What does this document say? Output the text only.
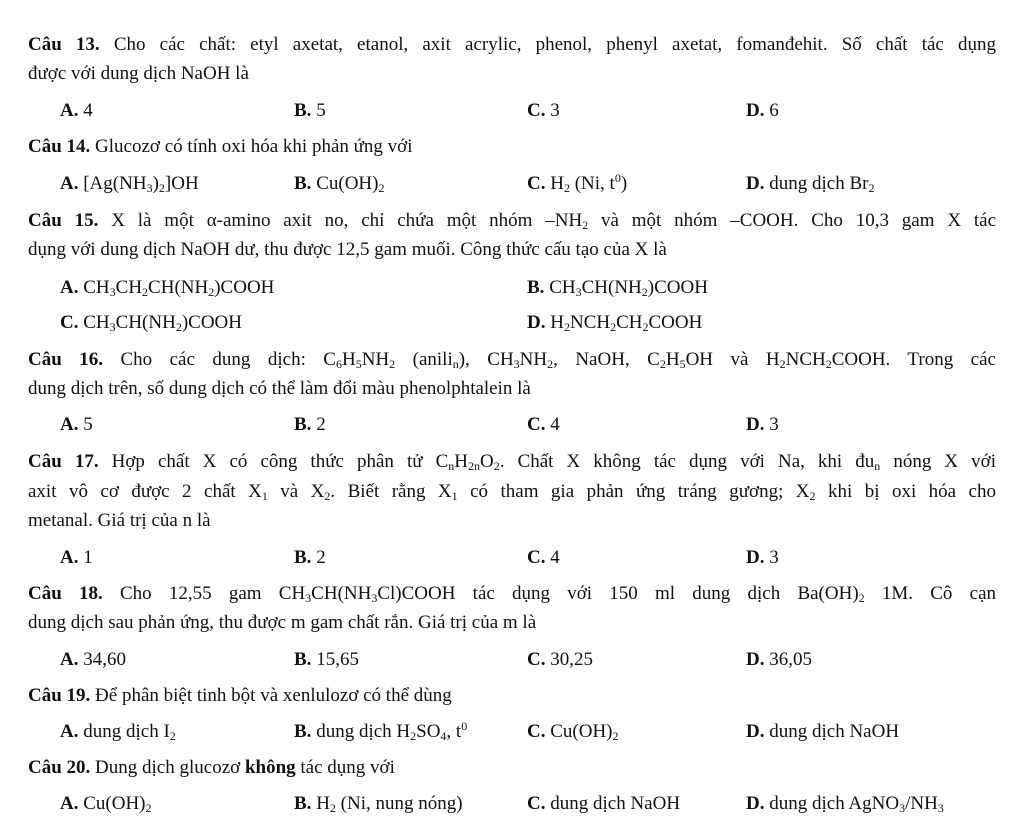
Câu 13. Cho các chất: etyl axetat, etanol, axit acrylic, phenol, phenyl axetat, fomanđehit. Số chất tác dụng
được với dung dịch NaOH là
A. 4	B. 5	C. 3	D. 6
Câu 14. Glucozơ có tính oxi hóa khi phản ứng với
A. $[Ag(NH_3)_2]OH$	B. $Cu(OH)_2$	C. $H_2$ (Ni, $t^0$)	D. dung dịch $Br_2$
Câu 15. X là một α-amino axit no, chỉ chứa một nhóm $-NH_2$ và một nhóm –COOH. Cho 10,3 gam X tác
dụng với dung dịch NaOH dư, thu được 12,5 gam muối. Công thức cấu tạo của X là
A. $CH_3CH_2CH(NH_2)COOH$	B. $CH_3CH(NH_2)COOH$
C. $CH_3CH(NH_2)COOH$	D. $H_2NCH_2CH_2COOH$
Câu 16. Cho các dung dịch: $C_6H_5NH_2$ (anili$_n$), $CH_3NH_2$, NaOH, $C_2H_5OH$ và $H_2NCH_2COOH$. Trong các
dung dịch trên, số dung dịch có thể làm đổi màu phenolphtalein là
A. 5	B. 2	C. 4	D. 3
Câu 17. Hợp chất X có công thức phân tử $C_nH_{2n}O_2$. Chất X không tác dụng với Na, khi $đu_n$ nóng X với
axit vô cơ được 2 chất $X_1$ và $X_2$. Biết rằng $X_1$ có tham gia phản ứng tráng gương; $X_2$ khi bị oxi hóa cho
metanal. Giá trị của n là
A. 1	B. 2	C. 4	D. 3
Câu 18. Cho 12,55 gam $CH_3CH(NH_3Cl)COOH$ tác dụng với 150 ml dung dịch $Ba(OH)_2$ 1M. Cô cạn
dung dịch sau phản ứng, thu được m gam chất rắn. Giá trị của m là
A. 34,60	B. 15,65	C. 30,25	D. 36,05
Câu 19. Để phân biệt tinh bột và xenlulozơ có thể dùng
A. dung dịch $I_2$	B. dung dịch $H_2SO_4$, $t^0$	C. $Cu(OH)_2$	D. dung dịch NaOH
Câu 20. Dung dịch glucozơ không tác dụng với
A. $Cu(OH)_2$	B. $H_2$ (Ni, nung nóng)	C. dung dịch NaOH	D. dung dịch $AgNO_3/NH_3$
